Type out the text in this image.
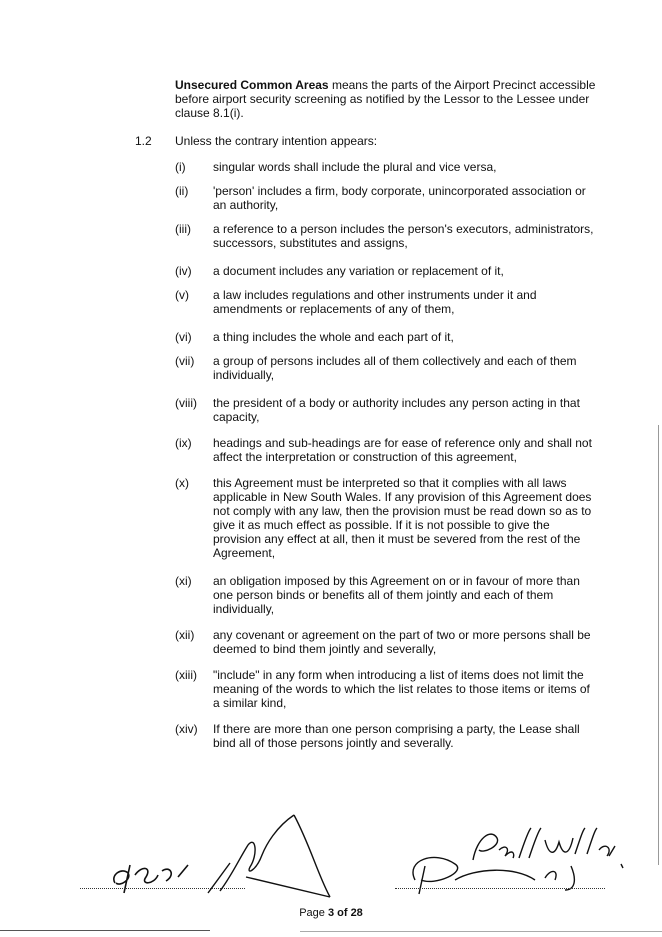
Unsecured Common Areas means the parts of the Airport Precinct accessible before airport security screening as notified by the Lessor to the Lessee under clause 8.1(i).
1.2 Unless the contrary intention appears:
(i) singular words shall include the plural and vice versa,
(ii) 'person' includes a firm, body corporate, unincorporated association or an authority,
(iii) a reference to a person includes the person's executors, administrators, successors, substitutes and assigns,
(iv) a document includes any variation or replacement of it,
(v) a law includes regulations and other instruments under it and amendments or replacements of any of them,
(vi) a thing includes the whole and each part of it,
(vii) a group of persons includes all of them collectively and each of them individually,
(viii) the president of a body or authority includes any person acting in that capacity,
(ix) headings and sub-headings are for ease of reference only and shall not affect the interpretation or construction of this agreement,
(x) this Agreement must be interpreted so that it complies with all laws applicable in New South Wales. If any provision of this Agreement does not comply with any law, then the provision must be read down so as to give it as much effect as possible. If it is not possible to give the provision any effect at all, then it must be severed from the rest of the Agreement,
(xi) an obligation imposed by this Agreement on or in favour of more than one person binds or benefits all of them jointly and each of them individually,
(xii) any covenant or agreement on the part of two or more persons shall be deemed to bind them jointly and severally,
(xiii) "include" in any form when introducing a list of items does not limit the meaning of the words to which the list relates to those items or items of a similar kind,
(xiv) If there are more than one person comprising a party, the Lease shall bind all of those persons jointly and severally.
Page 3 of 28
